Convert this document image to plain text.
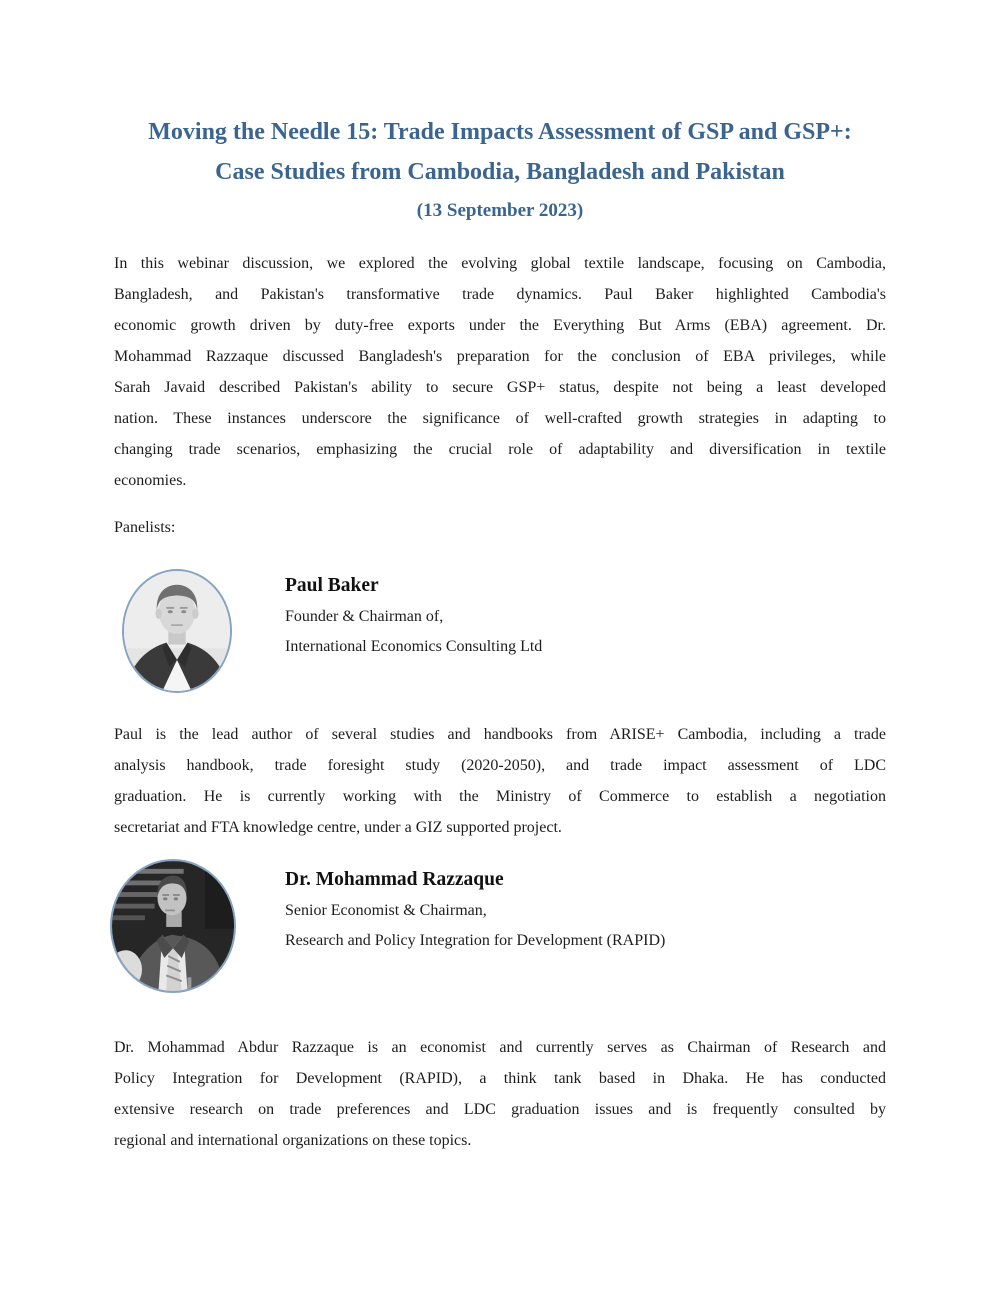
Moving the Needle 15: Trade Impacts Assessment of GSP and GSP+:
Case Studies from Cambodia, Bangladesh and Pakistan
(13 September 2023)
In this webinar discussion, we explored the evolving global textile landscape, focusing on Cambodia,
Bangladesh, and Pakistan's transformative trade dynamics. Paul Baker highlighted Cambodia's
economic growth driven by duty-free exports under the Everything But Arms (EBA) agreement. Dr.
Mohammad Razzaque discussed Bangladesh's preparation for the conclusion of EBA privileges, while
Sarah Javaid described Pakistan's ability to secure GSP+ status, despite not being a least developed
nation. These instances underscore the significance of well-crafted growth strategies in adapting to
changing trade scenarios, emphasizing the crucial role of adaptability and diversification in textile
economies.
Panelists:
Paul Baker
Founder & Chairman of,
International Economics Consulting Ltd
Paul is the lead author of several studies and handbooks from ARISE+ Cambodia, including a trade
analysis handbook, trade foresight study (2020-2050), and trade impact assessment of LDC
graduation. He is currently working with the Ministry of Commerce to establish a negotiation
secretariat and FTA knowledge centre, under a GIZ supported project.
Dr. Mohammad Razzaque
Senior Economist & Chairman,
Research and Policy Integration for Development (RAPID)
Dr. Mohammad Abdur Razzaque is an economist and currently serves as Chairman of Research and
Policy Integration for Development (RAPID), a think tank based in Dhaka. He has conducted
extensive research on trade preferences and LDC graduation issues and is frequently consulted by
regional and international organizations on these topics.
